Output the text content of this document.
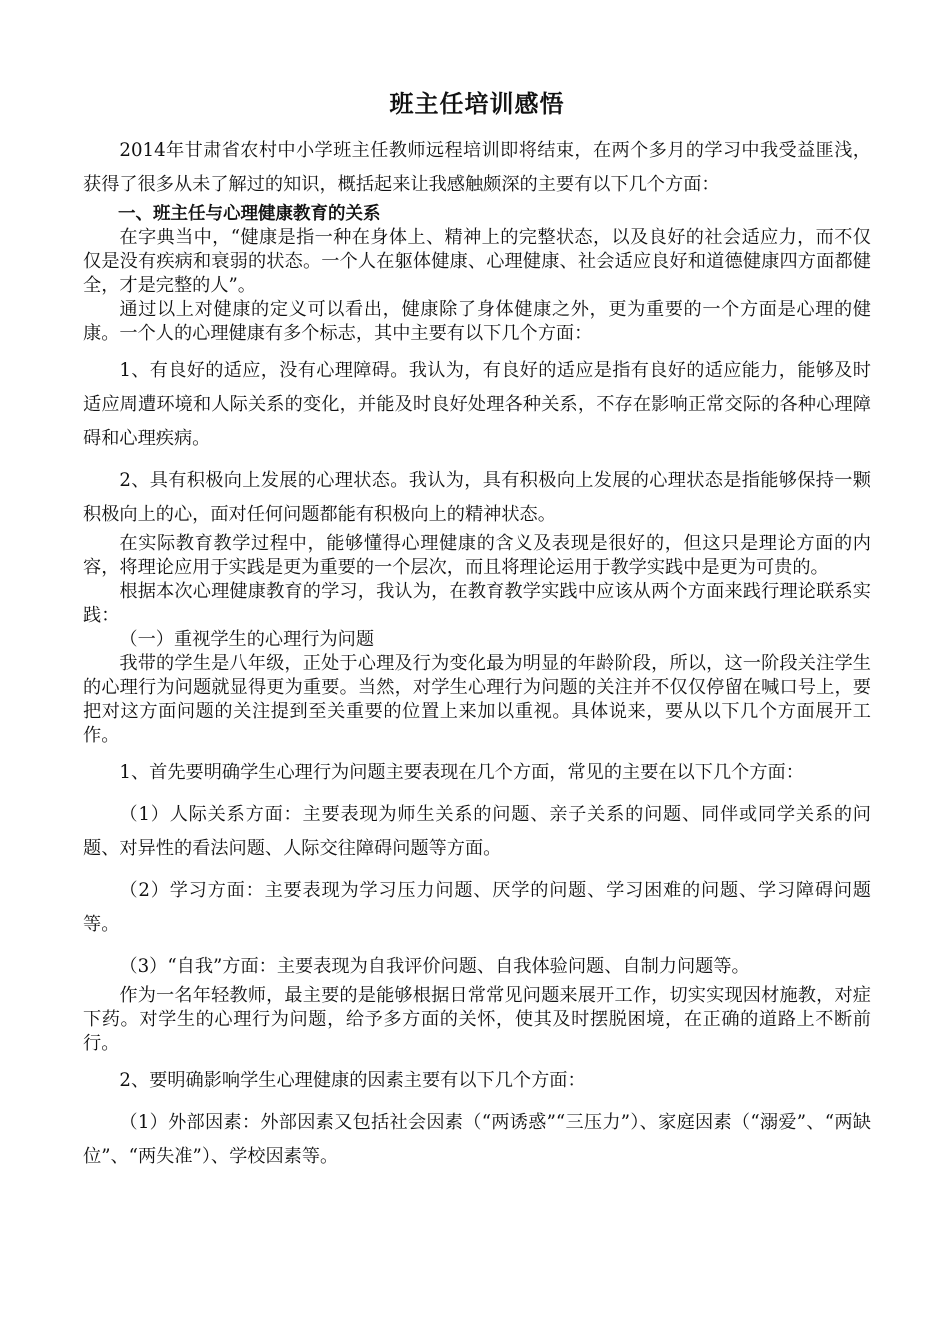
班主任培训感悟

2014年甘肃省农村中小学班主任教师远程培训即将结束，在两个多月的学习中我受益匪浅，获得了很多从未了解过的知识，概括起来让我感触颇深的主要有以下几个方面：

一、班主任与心理健康教育的关系

在字典当中，“健康是指一种在身体上、精神上的完整状态，以及良好的社会适应力，而不仅仅是没有疾病和衰弱的状态。一个人在躯体健康、心理健康、社会适应良好和道德健康四方面都健全，才是完整的人”。

通过以上对健康的定义可以看出，健康除了身体健康之外，更为重要的一个方面是心理的健康。一个人的心理健康有多个标志，其中主要有以下几个方面：

1、有良好的适应，没有心理障碍。我认为，有良好的适应是指有良好的适应能力，能够及时适应周遭环境和人际关系的变化，并能及时良好处理各种关系，不存在影响正常交际的各种心理障碍和心理疾病。

2、具有积极向上发展的心理状态。我认为，具有积极向上发展的心理状态是指能够保持一颗积极向上的心，面对任何问题都能有积极向上的精神状态。

在实际教育教学过程中，能够懂得心理健康的含义及表现是很好的，但这只是理论方面的内容，将理论应用于实践是更为重要的一个层次，而且将理论运用于教学实践中是更为可贵的。

根据本次心理健康教育的学习，我认为，在教育教学实践中应该从两个方面来践行理论联系实践：

（一）重视学生的心理行为问题

我带的学生是八年级，正处于心理及行为变化最为明显的年龄阶段，所以，这一阶段关注学生的心理行为问题就显得更为重要。当然，对学生心理行为问题的关注并不仅仅停留在喊口号上，要把对这方面问题的关注提到至关重要的位置上来加以重视。具体说来，要从以下几个方面展开工作。

1、首先要明确学生心理行为问题主要表现在几个方面，常见的主要在以下几个方面：

（1）人际关系方面：主要表现为师生关系的问题、亲子关系的问题、同伴或同学关系的问题、对异性的看法问题、人际交往障碍问题等方面。

（2）学习方面：主要表现为学习压力问题、厌学的问题、学习困难的问题、学习障碍问题等。

（3）“自我”方面：主要表现为自我评价问题、自我体验问题、自制力问题等。

作为一名年轻教师，最主要的是能够根据日常常见问题来展开工作，切实实现因材施教，对症下药。对学生的心理行为问题，给予多方面的关怀，使其及时摆脱困境，在正确的道路上不断前行。

2、要明确影响学生心理健康的因素主要有以下几个方面：

（1）外部因素：外部因素又包括社会因素（“两诱惑”“三压力”）、家庭因素（“溺爱”、“两缺位”、“两失准”）、学校因素等。
